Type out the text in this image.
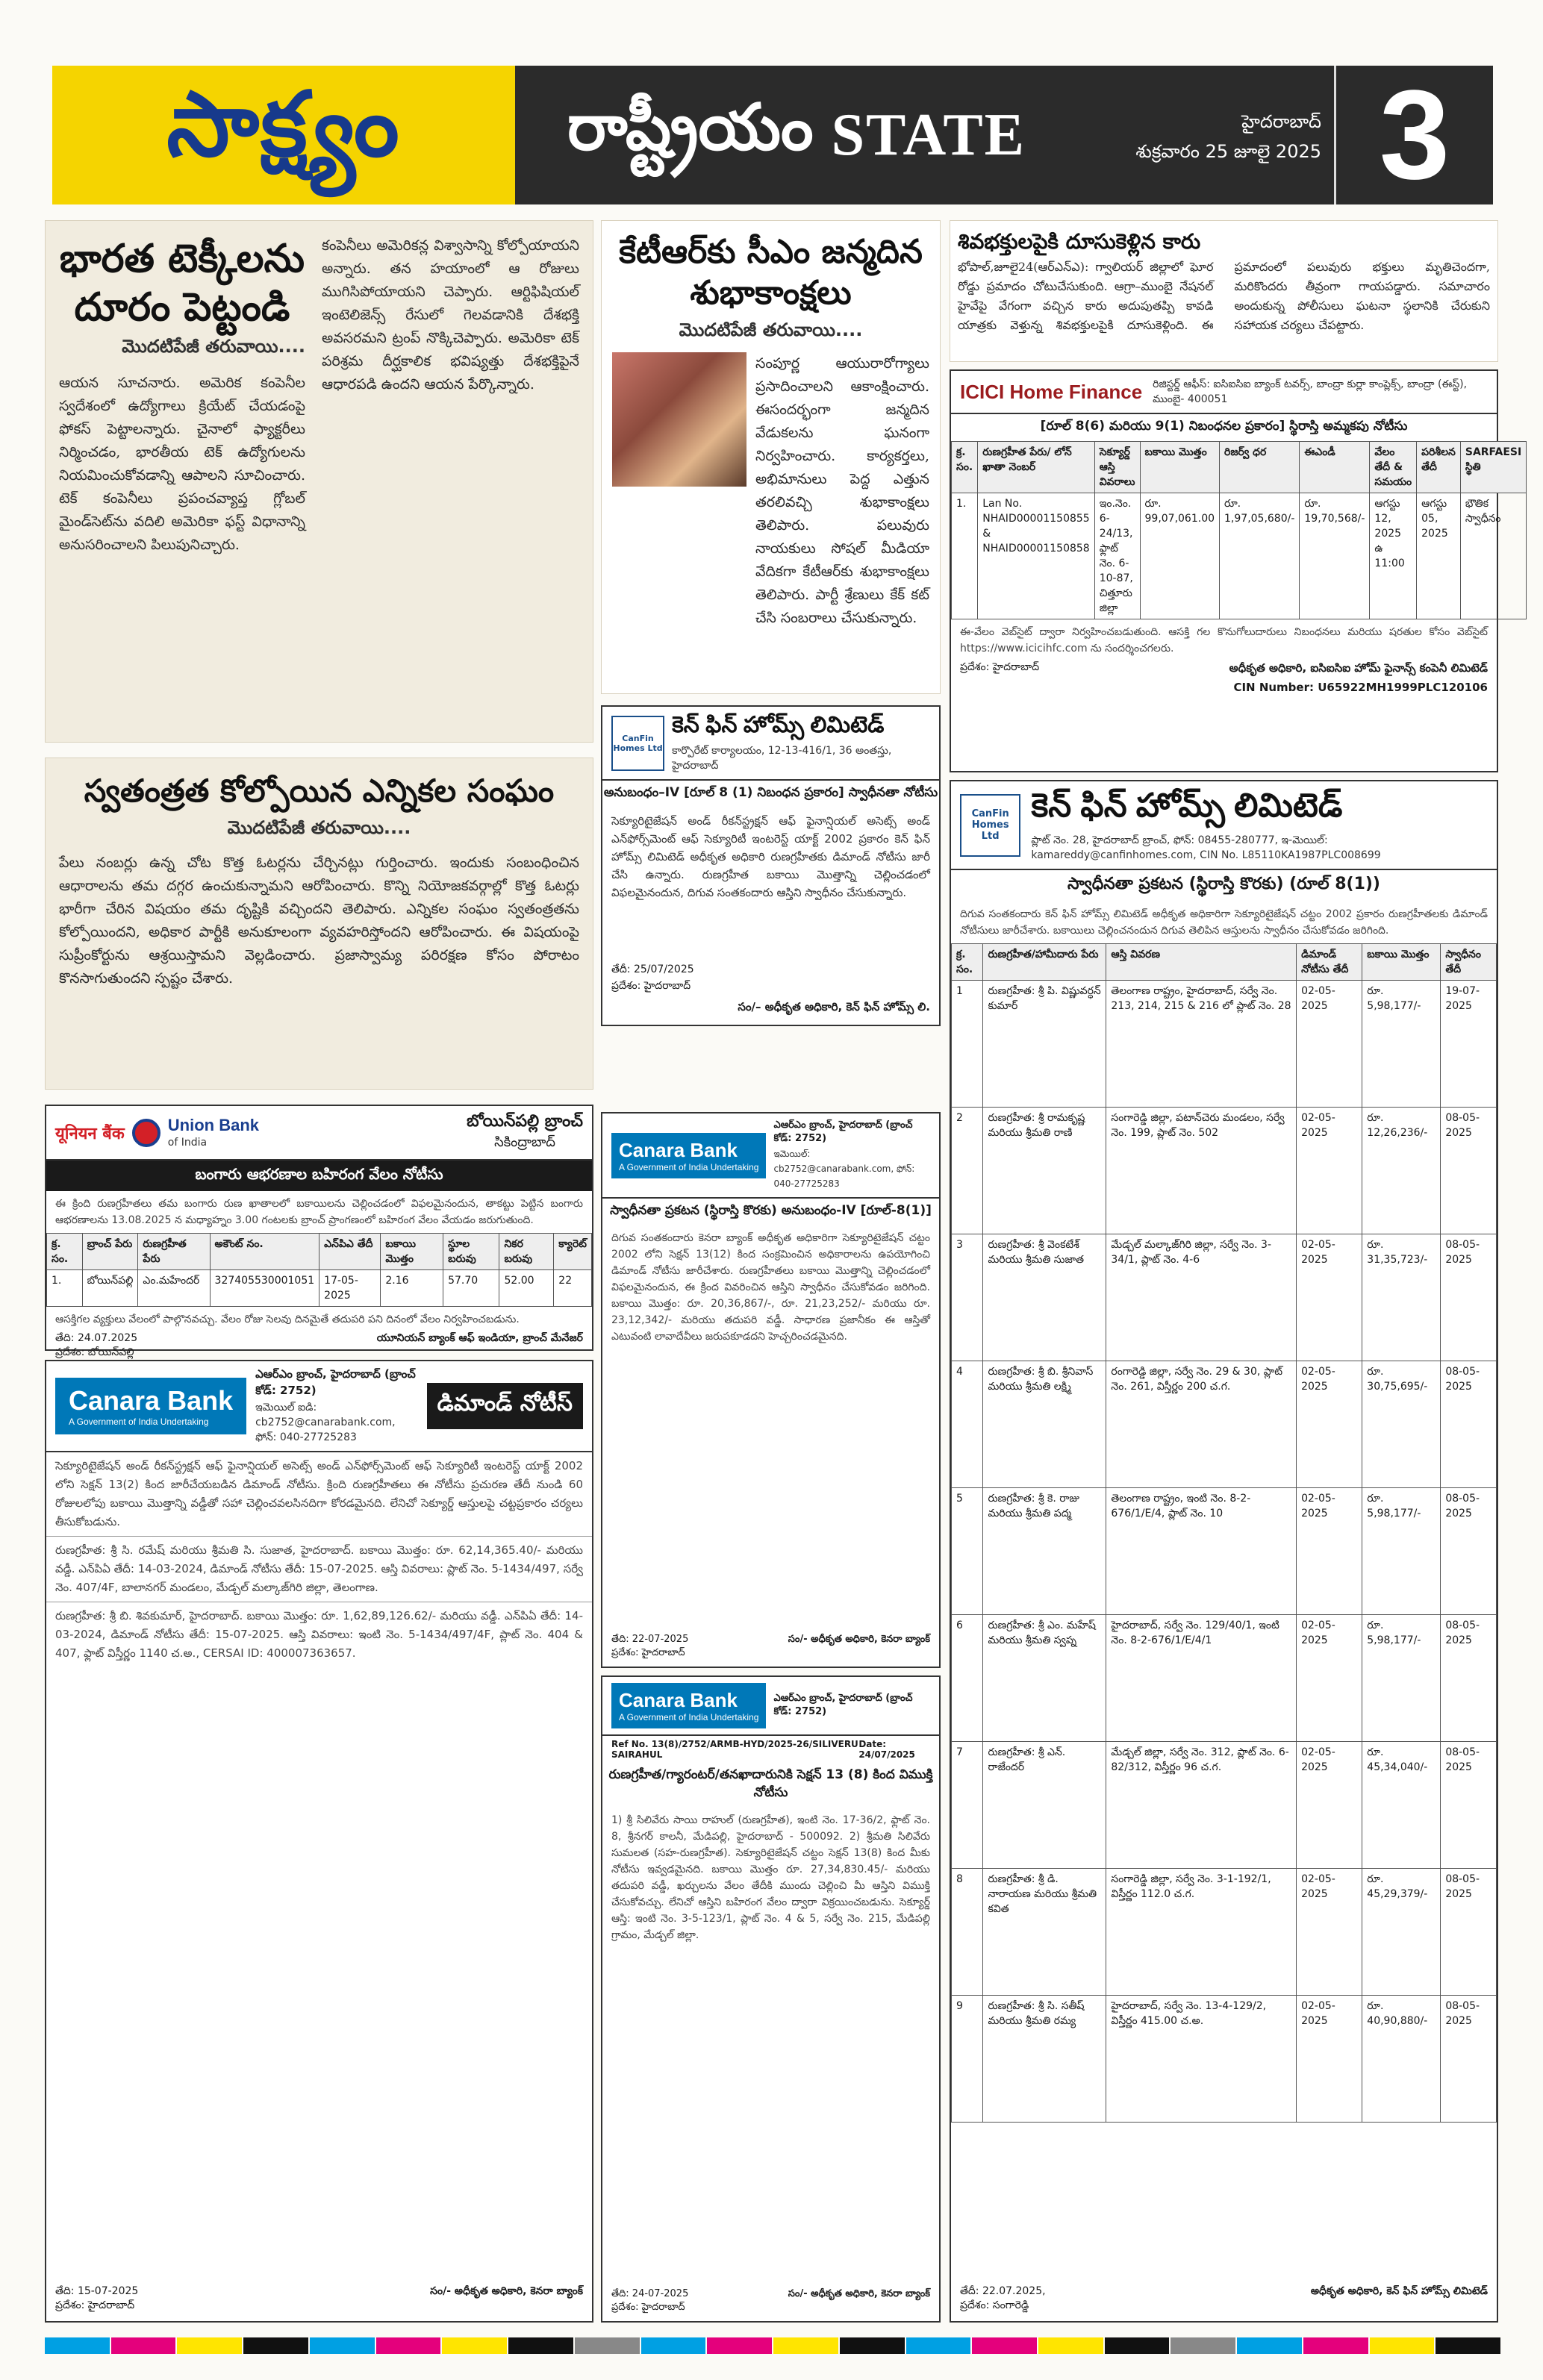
సాక్ష్యం	రాష్ట్రీయం STATE	హైదరాబాద్
శుక్రవారం 25 జూలై 2025 3
భారత టెక్కీలను
దూరం పెట్టండి
మొదటిపేజీ తరువాయి....
ఆయన సూచనారు. అమెరిక కంపెనీల స్వదేశంలో ఉద్యోగాలు క్రియేట్ చేయడంపై ఫోకస్ పెట్టాలన్నారు. చైనాలో ఫ్యాక్టరీలు నిర్మించడం, భారతీయ టెక్ ఉద్యోగులను నియమించుకోవడాన్ని ఆపాలని సూచించారు. టెక్ కంపెనీలు ప్రపంచవ్యాప్త గ్లోబల్ మైండ్‌సెట్‌ను వదిలి అమెరికా ఫస్ట్ విధానాన్ని అనుసరించాలని పిలుపునిచ్చారు.
కంపెనీలు అమెరికన్ల విశ్వాసాన్ని కోల్పోయాయని అన్నారు. తన హయాంలో ఆ రోజులు ముగిసిపోయాయని చెప్పారు. ఆర్టిఫిషియల్ ఇంటెలిజెన్స్ రేసులో గెలవడానికి దేశభక్తి అవసరమని ట్రంప్ నొక్కిచెప్పారు. అమెరికా టెక్ పరిశ్రమ దీర్ఘకాలిక భవిష్యత్తు దేశభక్తిపైనే ఆధారపడి ఉందని ఆయన పేర్కొన్నారు.
స్వతంత్రత కోల్పోయిన ఎన్నికల సంఘం
మొదటిపేజీ తరువాయి....
పేలు నంబర్లు ఉన్న చోట కొత్త ఓటర్లను చేర్చినట్లు గుర్తించారు. ఇందుకు సంబంధించిన ఆధారాలను తమ దగ్గర ఉంచుకున్నామని ఆరోపించారు. కొన్ని నియోజకవర్గాల్లో కొత్త ఓటర్లు భారీగా చేరిన విషయం తమ దృష్టికి వచ్చిందని తెలిపారు. ఎన్నికల సంఘం స్వతంత్రతను కోల్పోయిందని, అధికార పార్టీకి అనుకూలంగా వ్యవహరిస్తోందని ఆరోపించారు. ఈ విషయంపై సుప్రీంకోర్టును ఆశ్రయిస్తామని వెల్లడించారు. ప్రజాస్వామ్య పరిరక్షణ కోసం పోరాటం కొనసాగుతుందని స్పష్టం చేశారు.
కేటీఆర్‌కు సీఎం జన్మదిన
శుభాకాంక్షలు
మొదటిపేజీ తరువాయి....
సంపూర్ణ ఆయురారోగ్యాలు ప్రసాదించాలని ఆకాంక్షించారు. ఈసందర్భంగా జన్మదిన వేడుకలను ఘనంగా నిర్వహించారు. కార్యకర్తలు, అభిమానులు పెద్ద ఎత్తున తరలివచ్చి శుభాకాంక్షలు తెలిపారు. పలువురు నాయకులు సోషల్ మీడియా వేదికగా కేటీఆర్‌కు శుభాకాంక్షలు తెలిపారు. పార్టీ శ్రేణులు కేక్ కట్ చేసి సంబరాలు చేసుకున్నారు.
శివభక్తులపైకి దూసుకెళ్లిన కారు
భోపాల్,జూలై24(ఆర్ఎన్ఎ): గ్వాలియర్ జిల్లాలో ఘోర రోడ్డు ప్రమాదం చోటుచేసుకుంది. ఆగ్రా–ముంబై నేషనల్ హైవేపై వేగంగా వచ్చిన కారు అదుపుతప్పి కావడి యాత్రకు వెళ్తున్న శివభక్తులపైకి దూసుకెళ్లింది. ఈ ప్రమాదంలో పలువురు భక్తులు మృతిచెందగా, మరికొందరు తీవ్రంగా గాయపడ్డారు. సమాచారం అందుకున్న పోలీసులు ఘటనా స్థలానికి చేరుకుని సహాయక చర్యలు చేపట్టారు.
ICICI Home Finance రిజిస్టర్డ్ ఆఫీస్: ఐసిఐసిఐ బ్యాంక్ టవర్స్, బాంద్రా కుర్లా కాంప్లెక్స్, బాంద్రా (ఈస్ట్), ముంబై- 400051
[రూల్ 8(6) మరియు 9(1) నిబంధనల ప్రకారం] స్థిరాస్తి అమ్మకపు నోటీసు
క్ర. సం.	రుణగ్రహీత పేరు/ లోన్ ఖాతా నెంబర్	సెక్యూర్డ్ ఆస్తి వివరాలు	బకాయి మొత్తం	రిజర్వ్ ధర	ఈఎండీ	వేలం తేదీ & సమయం	పరిశీలన తేదీ	SARFAESI స్థితి
1.	Lan No. NHAID00001150855 & NHAID00001150858	ఇం.నెం. 6-24/13, ఫ్లాట్ నెం. 6-10-87, చిత్తూరు జిల్లా	రూ. 99,07,061.00	రూ. 1,97,05,680/-	రూ. 19,70,568/-	ఆగస్టు 12, 2025 ఉ 11:00	ఆగస్టు 05, 2025	భౌతిక స్వాధీనం
ఈ-వేలం వెబ్‌సైట్ ద్వారా నిర్వహించబడుతుంది. ఆసక్తి గల కొనుగోలుదారులు నిబంధనలు మరియు షరతుల కోసం వెబ్‌సైట్ https://www.icicihfc.com ను సందర్శించగలరు.
ప్రదేశం: హైదరాబాద్	అధీకృత అధికారి, ఐసిఐసిఐ హోమ్ ఫైనాన్స్ కంపెనీ లిమిటెడ్
CIN Number: U65922MH1999PLC120106
CanFin Homes Ltd
కెన్ ఫిన్ హోమ్స్ లిమిటెడ్
కార్పొరేట్ కార్యాలయం, 12-13-416/1, 36 అంతస్తు, హైదరాబాద్
అనుబంధం–IV [రూల్ 8 (1) నిబంధన ప్రకారం] స్వాధీనతా నోటీసు
సెక్యూరిటైజేషన్ అండ్ రీకన్‌స్ట్రక్షన్ ఆఫ్ ఫైనాన్షియల్ అసెట్స్ అండ్ ఎన్‌ఫోర్స్‌మెంట్ ఆఫ్ సెక్యూరిటీ ఇంటరెస్ట్ యాక్ట్ 2002 ప్రకారం కెన్ ఫిన్ హోమ్స్ లిమిటెడ్ అధీకృత అధికారి రుణగ్రహీతకు డిమాండ్ నోటీసు జారీ చేసి ఉన్నారు. రుణగ్రహీత బకాయి మొత్తాన్ని చెల్లించడంలో విఫలమైనందున, దిగువ సంతకందారు ఆస్తిని స్వాధీనం చేసుకున్నారు.
తేదీ: 25/07/2025
ప్రదేశం: హైదరాబాద్
సం/– అధీకృత అధికారి, కెన్ ఫిన్ హోమ్స్ లి.
यूनियन बैंक	Union Bank
of India
బోయిన్‌పల్లి బ్రాంచ్
సికింద్రాబాద్
బంగారు ఆభరణాల బహిరంగ వేలం నోటీసు
ఈ క్రింది రుణగ్రహీతలు తమ బంగారు రుణ ఖాతాలలో బకాయిలను చెల్లించడంలో విఫలమైనందున, తాకట్టు పెట్టిన బంగారు ఆభరణాలను 13.08.2025 న మధ్యాహ్నం 3.00 గంటలకు బ్రాంచ్ ప్రాంగణంలో బహిరంగ వేలం వేయడం జరుగుతుంది.
క్ర. సం.	బ్రాంచ్ పేరు	రుణగ్రహీత పేరు	అకౌంట్ నం.	ఎన్‌పిఎ తేదీ	బకాయి మొత్తం	స్థూల బరువు	నికర బరువు	క్యారెట్
1.	బోయిన్‌పల్లి	ఎం.మహేందర్	327405530001051	17-05-2025	2.16	57.70	52.00	22
ఆసక్తిగల వ్యక్తులు వేలంలో పాల్గొనవచ్చు. వేలం రోజు సెలవు దినమైతే తదుపరి పని దినంలో వేలం నిర్వహించబడును.
తేది: 24.07.2025
ప్రదేశం: బోయిన్‌పల్లి
యూనియన్ బ్యాంక్ ఆఫ్ ఇండియా, బ్రాంచ్ మేనేజర్
Canara Bank
A Government of India Undertaking
ఎఆర్ఎం బ్రాంచ్, హైదరాబాద్ (బ్రాంచ్ కోడ్: 2752)
ఇమెయిల్ ఐడి: cb2752@canarabank.com, ఫోన్: 040-27725283
డిమాండ్ నోటీస్
సెక్యూరిటైజేషన్ అండ్ రీకన్‌స్ట్రక్షన్ ఆఫ్ ఫైనాన్షియల్ అసెట్స్ అండ్ ఎన్‌ఫోర్స్‌మెంట్ ఆఫ్ సెక్యూరిటీ ఇంటరెస్ట్ యాక్ట్ 2002 లోని సెక్షన్ 13(2) కింద జారీచేయబడిన డిమాండ్ నోటీసు. క్రింది రుణగ్రహీతలు ఈ నోటీసు ప్రచురణ తేదీ నుండి 60 రోజులలోపు బకాయి మొత్తాన్ని వడ్డీతో సహా చెల్లించవలసినదిగా కోరడమైనది. లేనిచో సెక్యూర్డ్ ఆస్తులపై చట్టప్రకారం చర్యలు తీసుకోబడును.
రుణగ్రహీత: శ్రీ సి. రమేష్ మరియు శ్రీమతి సి. సుజాత, హైదరాబాద్. బకాయి మొత్తం: రూ. 62,14,365.40/- మరియు వడ్డీ. ఎన్‌పిఏ తేదీ: 14-03-2024, డిమాండ్ నోటీసు తేదీ: 15-07-2025. ఆస్తి వివరాలు: ప్లాట్ నెం. 5-1434/497, సర్వే నెం. 407/4F, బాలానగర్ మండలం, మేడ్చల్ మల్కాజ్‌గిరి జిల్లా, తెలంగాణ.
రుణగ్రహీత: శ్రీ బి. శివకుమార్, హైదరాబాద్. బకాయి మొత్తం: రూ. 1,62,89,126.62/- మరియు వడ్డీ. ఎన్‌పిఏ తేదీ: 14-03-2024, డిమాండ్ నోటీసు తేదీ: 15-07-2025. ఆస్తి వివరాలు: ఇంటి నెం. 5-1434/497/4F, ప్లాట్ నెం. 404 & 407, ఫ్లాట్ విస్తీర్ణం 1140 చ.అ., CERSAI ID: 400007363657.
తేది: 15-07-2025
ప్రదేశం: హైదరాబాద్
సం/- అధీకృత అధికారి, కెనరా బ్యాంక్
Canara Bank
A Government of India Undertaking
ఎఆర్ఎం బ్రాంచ్, హైదరాబాద్ (బ్రాంచ్ కోడ్: 2752)
ఇమెయిల్: cb2752@canarabank.com, ఫోన్: 040-27725283
స్వాధీనతా ప్రకటన (స్థిరాస్తి కొరకు) అనుబంధం-IV [రూల్-8(1)]
దిగువ సంతకందారు కెనరా బ్యాంక్ అధీకృత అధికారిగా సెక్యూరిటైజేషన్ చట్టం 2002 లోని సెక్షన్ 13(12) కింద సంక్రమించిన అధికారాలను ఉపయోగించి డిమాండ్ నోటీసు జారీచేశారు. రుణగ్రహీతలు బకాయి మొత్తాన్ని చెల్లించడంలో విఫలమైనందున, ఈ క్రింద వివరించిన ఆస్తిని స్వాధీనం చేసుకోవడం జరిగింది. బకాయి మొత్తం: రూ. 20,36,867/-, రూ. 21,23,252/- మరియు రూ. 23,12,342/- మరియు తదుపరి వడ్డీ. సాధారణ ప్రజానీకం ఈ ఆస్తితో ఎటువంటి లావాదేవీలు జరుపకూడదని హెచ్చరించడమైనది.
తేది: 22-07-2025
ప్రదేశం: హైదరాబాద్
సం/- అధీకృత అధికారి, కెనరా బ్యాంక్
Canara Bank
A Government of India Undertaking
ఎఆర్ఎం బ్రాంచ్, హైదరాబాద్ (బ్రాంచ్ కోడ్: 2752)
Ref No. 13(8)/2752/ARMB-HYD/2025-26/SILIVERU SAIRAHUL
Date: 24/07/2025
రుణగ్రహీత/గ్యారంటర్/తనఖాదారునికి సెక్షన్ 13 (8) కింద విముక్తి నోటీసు
1) శ్రీ సిలివేరు సాయి రాహుల్ (రుణగ్రహీత), ఇంటి నెం. 17-36/2, ఫ్లాట్ నెం. 8, శ్రీనగర్ కాలనీ, మేడిపల్లి, హైదరాబాద్ - 500092. 2) శ్రీమతి సిలివేరు సుమలత (సహ-రుణగ్రహీత). సెక్యూరిటైజేషన్ చట్టం సెక్షన్ 13(8) కింద మీకు నోటీసు ఇవ్వడమైనది. బకాయి మొత్తం రూ. 27,34,830.45/- మరియు తదుపరి వడ్డీ, ఖర్చులను వేలం తేదీకి ముందు చెల్లించి మీ ఆస్తిని విముక్తి చేసుకోవచ్చు. లేనిచో ఆస్తిని బహిరంగ వేలం ద్వారా విక్రయించబడును. సెక్యూర్డ్ ఆస్తి: ఇంటి నెం. 3-5-123/1, ప్లాట్ నెం. 4 & 5, సర్వే నెం. 215, మేడిపల్లి గ్రామం, మేడ్చల్ జిల్లా.
తేది: 24-07-2025
ప్రదేశం: హైదరాబాద్
సం/- అధీకృత అధికారి, కెనరా బ్యాంక్
CanFin Homes Ltd
కెన్ ఫిన్ హోమ్స్ లిమిటెడ్
ప్లాట్ నెం. 28, హైదరాబాద్ బ్రాంచ్, ఫోన్: 08455-280777, ఇ-మెయిల్: kamareddy@canfinhomes.com, CIN No. L85110KA1987PLC008699
స్వాధీనతా ప్రకటన (స్థిరాస్తి కొరకు) (రూల్ 8(1))
దిగువ సంతకందారు కెన్ ఫిన్ హోమ్స్ లిమిటెడ్ అధీకృత అధికారిగా సెక్యూరిటైజేషన్ చట్టం 2002 ప్రకారం రుణగ్రహీతలకు డిమాండ్ నోటీసులు జారీచేశారు. బకాయిలు చెల్లించనందున దిగువ తెలిపిన ఆస్తులను స్వాధీనం చేసుకోవడం జరిగింది.
క్ర. సం.	రుణగ్రహీత/హామీదారు పేరు	ఆస్తి వివరణ	డిమాండ్ నోటీసు తేదీ	బకాయి మొత్తం	స్వాధీనం తేదీ
1	రుణగ్రహీత: శ్రీ పి. విష్ణువర్ధన్ కుమార్	తెలంగాణ రాష్ట్రం, హైదరాబాద్, సర్వే నెం. 213, 214, 215 & 216 లో ప్లాట్ నెం. 28	02-05-2025	రూ. 5,98,177/-	19-07-2025
2	రుణగ్రహీత: శ్రీ రామకృష్ణ మరియు శ్రీమతి రాణి	సంగారెడ్డి జిల్లా, పటాన్‌చెరు మండలం, సర్వే నెం. 199, ప్లాట్ నెం. 502	02-05-2025	రూ. 12,26,236/-	08-05-2025
3	రుణగ్రహీత: శ్రీ వెంకటేశ్ మరియు శ్రీమతి సుజాత	మేడ్చల్ మల్కాజ్‌గిరి జిల్లా, సర్వే నెం. 3-34/1, ప్లాట్ నెం. 4-6	02-05-2025	రూ. 31,35,723/-	08-05-2025
4	రుణగ్రహీత: శ్రీ బి. శ్రీనివాస్ మరియు శ్రీమతి లక్ష్మి	రంగారెడ్డి జిల్లా, సర్వే నెం. 29 & 30, ప్లాట్ నెం. 261, విస్తీర్ణం 200 చ.గ.	02-05-2025	రూ. 30,75,695/-	08-05-2025
5	రుణగ్రహీత: శ్రీ కె. రాజు మరియు శ్రీమతి పద్మ	తెలంగాణ రాష్ట్రం, ఇంటి నెం. 8-2-676/1/E/4, ప్లాట్ నెం. 10	02-05-2025	రూ. 5,98,177/-	08-05-2025
6	రుణగ్రహీత: శ్రీ ఎం. మహేష్ మరియు శ్రీమతి స్వప్న	హైదరాబాద్, సర్వే నెం. 129/40/1, ఇంటి నెం. 8-2-676/1/E/4/1	02-05-2025	రూ. 5,98,177/-	08-05-2025
7	రుణగ్రహీత: శ్రీ ఎన్. రాజేందర్	మేడ్చల్ జిల్లా, సర్వే నెం. 312, ప్లాట్ నెం. 6-82/312, విస్తీర్ణం 96 చ.గ.	02-05-2025	రూ. 45,34,040/-	08-05-2025
8	రుణగ్రహీత: శ్రీ డి. నారాయణ మరియు శ్రీమతి కవిత	సంగారెడ్డి జిల్లా, సర్వే నెం. 3-1-192/1, విస్తీర్ణం 112.0 చ.గ.	02-05-2025	రూ. 45,29,379/-	08-05-2025
9	రుణగ్రహీత: శ్రీ సి. సతీష్ మరియు శ్రీమతి రమ్య	హైదరాబాద్, సర్వే నెం. 13-4-129/2, విస్తీర్ణం 415.00 చ.అ.	02-05-2025	రూ. 40,90,880/-	08-05-2025
తేదీ: 22.07.2025,
ప్రదేశం: సంగారెడ్డి
అధీకృత అధికారి, కెన్ ఫిన్ హోమ్స్ లిమిటెడ్
